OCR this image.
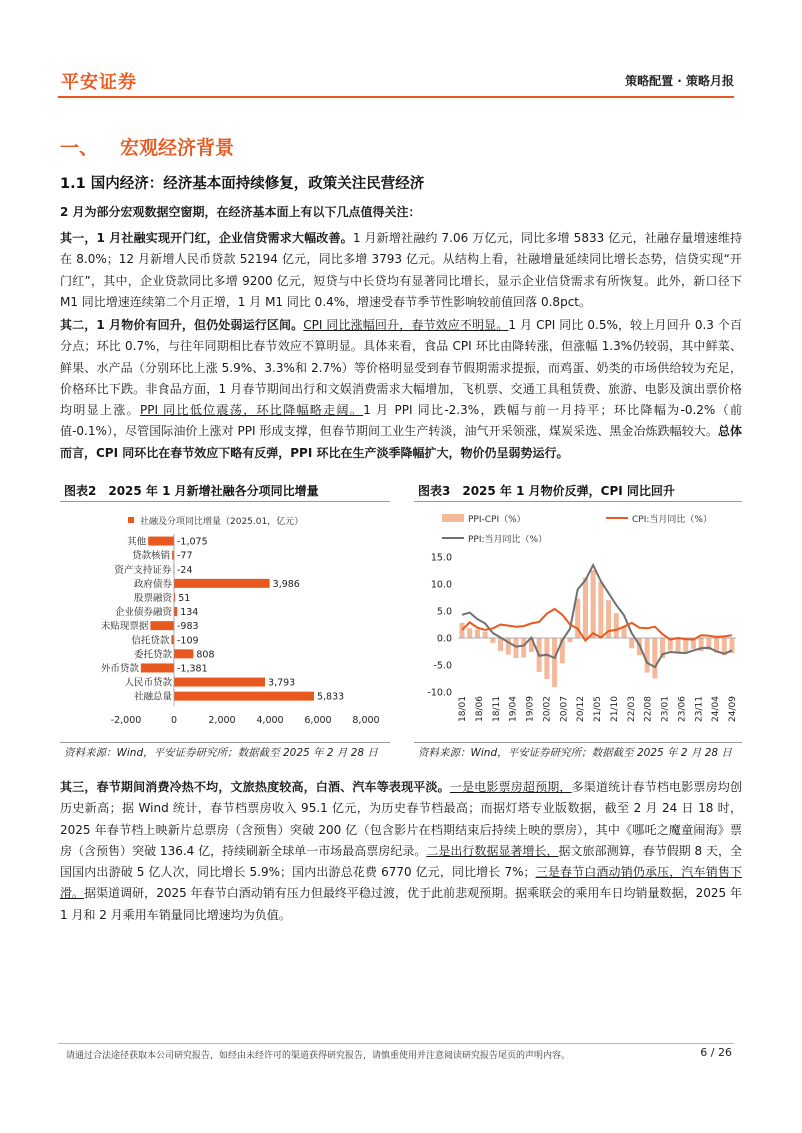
平安证券	策略配置 · 策略月报
一、 宏观经济背景
1.1 国内经济：经济基本面持续修复，政策关注民营经济
2 月为部分宏观数据空窗期，在经济基本面上有以下几点值得关注：
其一，1 月社融实现开门红，企业信贷需求大幅改善。1 月新增社融约 7.06 万亿元，同比多增 5833 亿元，社融存量增速维持在 8.0%；12 月新增人民币贷款 52194 亿元，同比多增 3793 亿元。从结构上看，社融增量延续同比增长态势，信贷实现“开门红”，其中，企业贷款同比多增 9200 亿元，短贷与中长贷均有显著同比增长，显示企业信贷需求有所恢复。此外，新口径下 M1 同比增速连续第二个月正增，1 月 M1 同比 0.4%，增速受春节季节性影响较前值回落 0.8pct。
其二，1 月物价有回升，但仍处弱运行区间。CPI 同比涨幅回升，春节效应不明显。1 月 CPI 同比 0.5%，较上月回升 0.3 个百分点；环比 0.7%，与往年同期相比春节效应不算明显。具体来看，食品 CPI 环比由降转涨，但涨幅 1.3%仍较弱，其中鲜菜、鲜果、水产品（分别环比上涨 5.9%、3.3%和 2.7%）等价格明显受到春节假期需求提振，而鸡蛋、奶类的市场供给较为充足，价格环比下跌。非食品方面，1 月春节期间出行和文娱消费需求大幅增加，飞机票、交通工具租赁费、旅游、电影及演出票价格均明显上涨。PPI 同比低位震荡，环比降幅略走阔。1 月 PPI 同比-2.3%，跌幅与前一月持平；环比降幅为-0.2%（前值-0.1%），尽管国际油价上涨对 PPI 形成支撑，但春节期间工业生产转淡，油气开采领涨，煤炭采选、黑金冶炼跌幅较大。总体而言，CPI 同环比在春节效应下略有反弹，PPI 环比在生产淡季降幅扩大，物价仍呈弱势运行。
图表2 2025 年 1 月新增社融各分项同比增量
社融及分项同比增量（2025.01，亿元）
其他	-1,075
贷款核销 -77
资产支持证券 -24
政府债券	3,986
股票融资 51
企业债券融资 134
未贴现票据	-983
信托贷款 -109
委托贷款	808
外币贷款	-1,381
人民币贷款	3,793
社融总量	5,833
-2,000	0	2,000 4,000 6,000 8,000
资料来源：Wind，平安证券研究所；数据截至 2025 年 2 月 28 日
图表3 2025 年 1 月物价反弹，CPI 同比回升
PPI-CPI（%）	CPI:当月同比（%）
PPI:当月同比（%）
15.0
10.0
5.0
0.0
-5.0
-10.0
18/01 18/06 18/11 19/04 19/09 20/02 20/07 20/12 21/05 21/10 22/03 22/08 23/01 23/06 23/11 24/04 24/09
资料来源：Wind，平安证券研究所；数据截至 2025 年 2 月 28 日
其三，春节期间消费冷热不均，文旅热度较高，白酒、汽车等表现平淡。一是电影票房超预期，多渠道统计春节档电影票房均创历史新高；据 Wind 统计，春节档票房收入 95.1 亿元，为历史春节档最高；而据灯塔专业版数据，截至 2 月 24 日 18 时，2025 年春节档上映新片总票房（含预售）突破 200 亿（包含影片在档期结束后持续上映的票房），其中《哪吒之魔童闹海》票房（含预售）突破 136.4 亿，持续刷新全球单一市场最高票房纪录。二是出行数据显著增长，据文旅部测算，春节假期 8 天，全国国内出游破 5 亿人次，同比增长 5.9%；国内出游总花费 6770 亿元，同比增长 7%；三是春节白酒动销仍承压，汽车销售下滑。据渠道调研，2025 年春节白酒动销有压力但最终平稳过渡，优于此前悲观预期。据乘联会的乘用车日均销量数据，2025 年 1 月和 2 月乘用车销量同比增速均为负值。
请通过合法途径获取本公司研究报告，如经由未经许可的渠道获得研究报告，请慎重使用并注意阅读研究报告尾页的声明内容。	6 / 26
